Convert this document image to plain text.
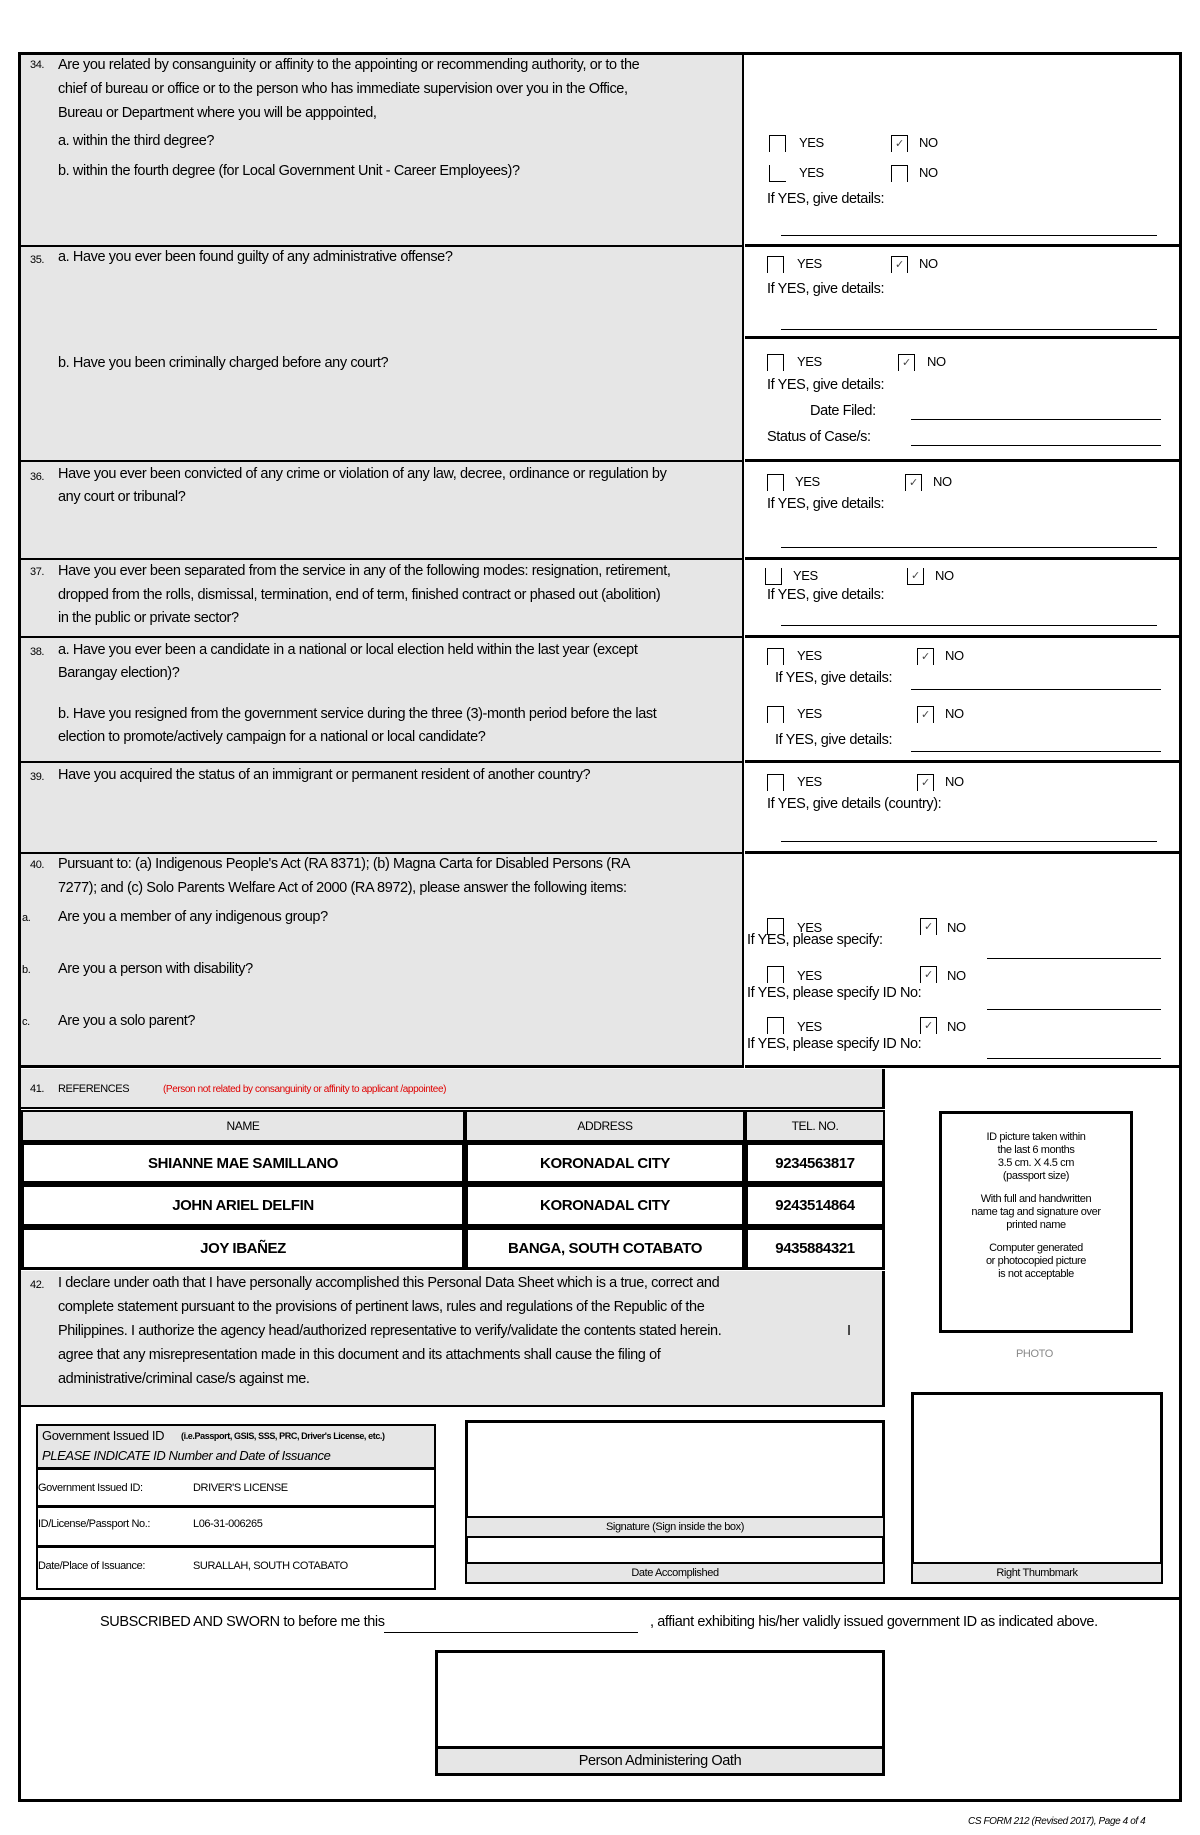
34. Are you related by consanguinity or affinity to the appointing or recommending authority, or to the
chief of bureau or office or to the person who has immediate supervision over you in the Office,
Bureau or Department where you will be apppointed,
a. within the third degree?
b. within the fourth degree (for Local Government Unit - Career Employees)?
YES ✓	NO
YES	NO
If YES, give details:
35. a. Have you ever been found guilty of any administrative offense?
b. Have you been criminally charged before any court?
YES ✓	NO
If YES, give details:
YES ✓	NO
If YES, give details:
Date Filed:
Status of Case/s:
36. Have you ever been convicted of any crime or violation of any law, decree, ordinance or regulation by
any court or tribunal?
YES ✓	NO
If YES, give details:
37. Have you ever been separated from the service in any of the following modes: resignation, retirement,
dropped from the rolls, dismissal, termination, end of term, finished contract or phased out (abolition)
in the public or private sector?
YES ✓	NO
If YES, give details:
38. a. Have you ever been a candidate in a national or local election held within the last year (except
Barangay election)?
b. Have you resigned from the government service during the three (3)-month period before the last
election to promote/actively campaign for a national or local candidate?
YES ✓	NO
If YES, give details:
YES ✓	NO
If YES, give details:
39. Have you acquired the status of an immigrant or permanent resident of another country?	YES ✓	NO
If YES, give details (country):
40. Pursuant to: (a) Indigenous People's Act (RA 8371); (b) Magna Carta for Disabled Persons (RA
7277); and (c) Solo Parents Welfare Act of 2000 (RA 8972), please answer the following items:
a. Are you a member of any indigenous group?
b. Are you a person with disability?
c. Are you a solo parent?
YES ✓	NO
If YES, please specify:
YES ✓	NO
If YES, please specify ID No:
YES ✓	NO
If YES, please specify ID No:
41. REFERENCES	(Person not related by consanguinity or affinity to applicant /appointee)
NAME	ADDRESS	TEL. NO.
SHIANNE MAE SAMILLANO	KORONADAL CITY	9234563817
JOHN ARIEL DELFIN	KORONADAL CITY	9243514864
JOY IBAÑEZ	BANGA, SOUTH COTABATO	9435884321
ID picture taken within
the last 6 months
3.5 cm. X 4.5 cm
(passport size)
With full and handwritten
name tag and signature over
printed name
Computer generated
or photocopied picture
is not acceptable
PHOTO
42. I declare under oath that I have personally accomplished this Personal Data Sheet which is a true, correct and
complete statement pursuant to the provisions of pertinent laws, rules and regulations of the Republic of the
Philippines. I authorize the agency head/authorized representative to verify/validate the contents stated herein.	I
agree that any misrepresentation made in this document and its attachments shall cause the filing of
administrative/criminal case/s against me.
Government Issued ID (i.e.Passport, GSIS, SSS, PRC, Driver's License, etc.)
PLEASE INDICATE ID Number and Date of Issuance
Government Issued ID:	DRIVER'S LICENSE
ID/License/Passport No.:	L06-31-006265
Date/Place of Issuance:	SURALLAH, SOUTH COTABATO
Signature (Sign inside the box)
Date Accomplished	Right Thumbmark
SUBSCRIBED AND SWORN to before me this	, affiant exhibiting his/her validly issued government ID as indicated above.
Person Administering Oath
CS FORM 212 (Revised 2017), Page 4 of 4
